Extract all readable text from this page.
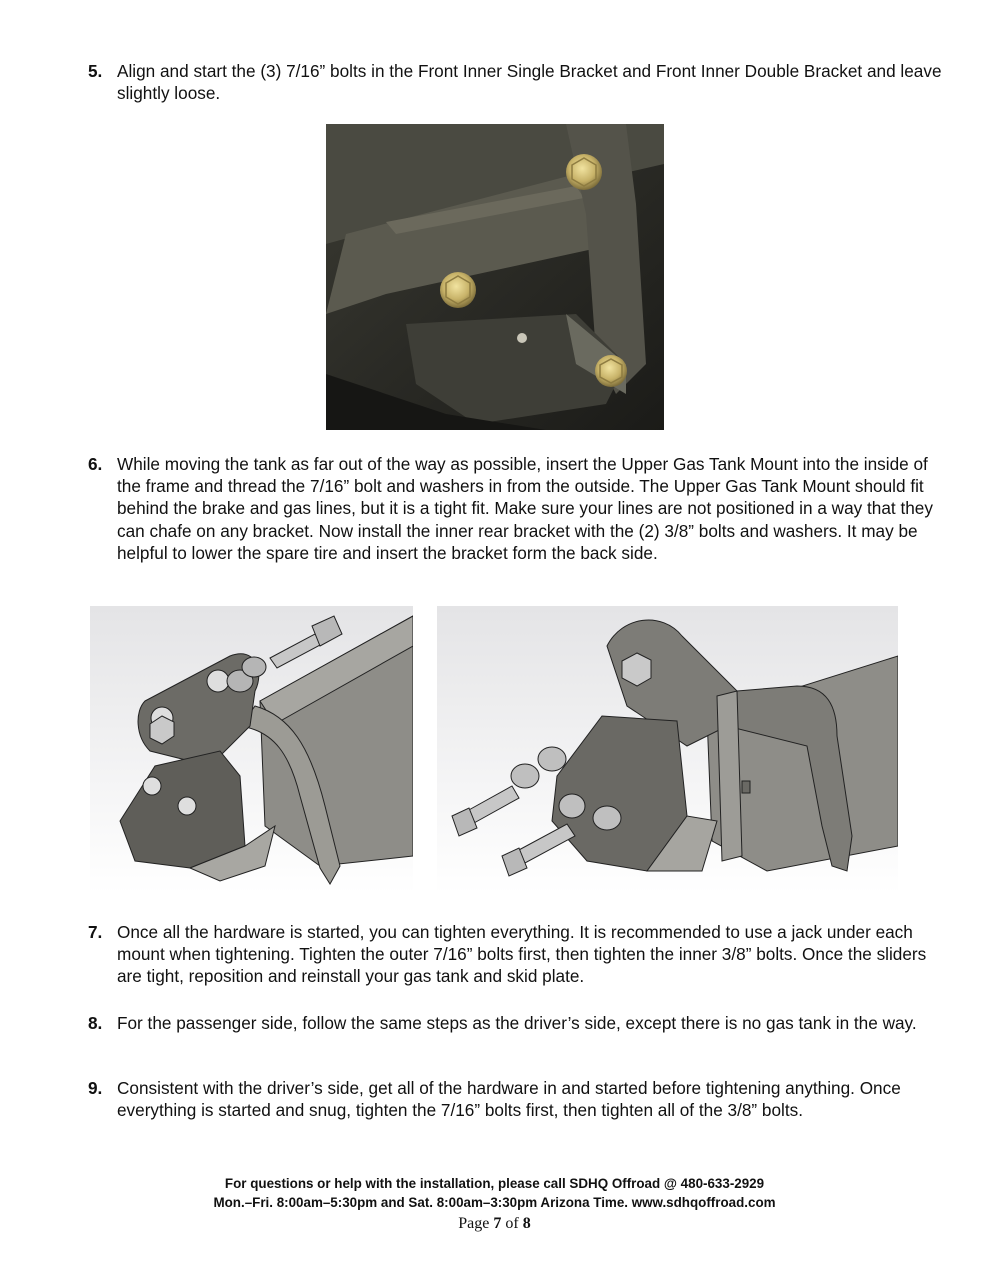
5. Align and start the (3) 7/16” bolts in the Front Inner Single Bracket and Front Inner Double Bracket and leave slightly loose.
6. While moving the tank as far out of the way as possible, insert the Upper Gas Tank Mount into the inside of the frame and thread the 7/16” bolt and washers in from the outside. The Upper Gas Tank Mount should fit behind the brake and gas lines, but it is a tight fit. Make sure your lines are not positioned in a way that they can chafe on any bracket. Now install the inner rear bracket with the (2) 3/8” bolts and washers. It may be helpful to lower the spare tire and insert the bracket form the back side.
7. Once all the hardware is started, you can tighten everything. It is recommended to use a jack under each mount when tightening. Tighten the outer 7/16” bolts first, then tighten the inner 3/8” bolts. Once the sliders are tight, reposition and reinstall your gas tank and skid plate.
8. For the passenger side, follow the same steps as the driver’s side, except there is no gas tank in the way.
9. Consistent with the driver’s side, get all of the hardware in and started before tightening anything. Once everything is started and snug, tighten the 7/16” bolts first, then tighten all of the 3/8” bolts.
For questions or help with the installation, please call SDHQ Offroad @ 480-633-2929
Mon.–Fri. 8:00am–5:30pm and Sat. 8:00am–3:30pm Arizona Time. www.sdhqoffroad.com
Page 7 of 8
